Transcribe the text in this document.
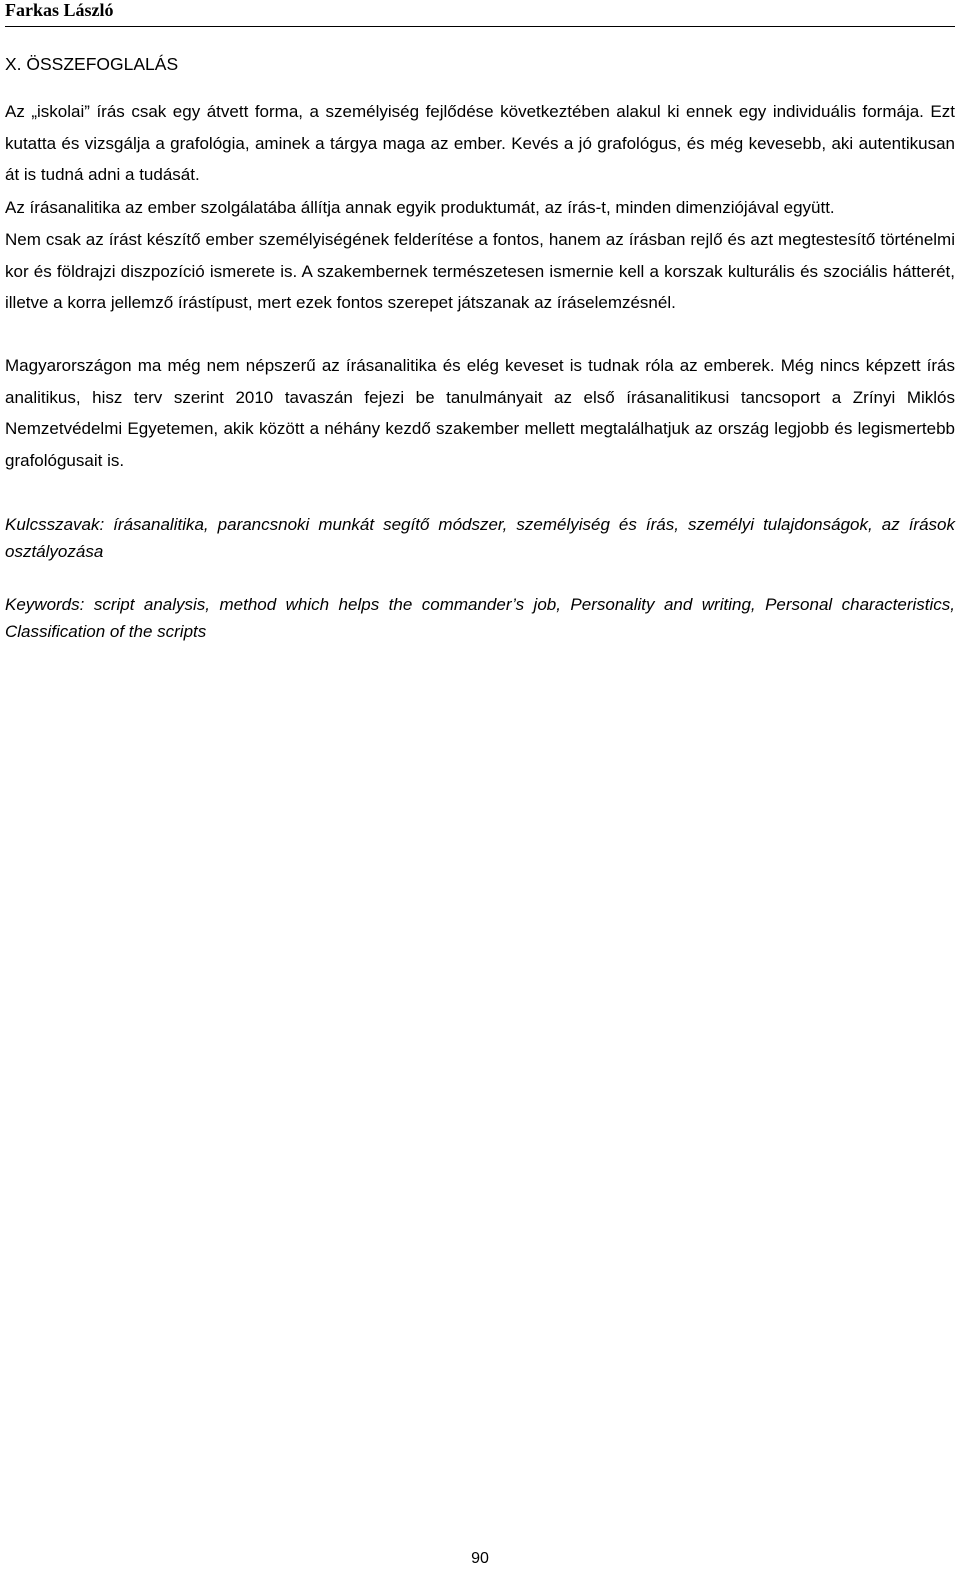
Farkas László
X. ÖSSZEFOGLALÁS

Az „iskolai” írás csak egy átvett forma, a személyiség fejlődése következtében alakul ki ennek egy individuális formája. Ezt kutatta és vizsgálja a grafológia, aminek a tárgya maga az ember. Kevés a jó grafológus, és még kevesebb, aki autentikusan át is tudná adni a tudását.

Az írásanalitika az ember szolgálatába állítja annak egyik produktumát, az írás-t, minden dimenziójával együtt.

Nem csak az írást készítő ember személyiségének felderítése a fontos, hanem az írásban rejlő és azt megtestesítő történelmi kor és földrajzi diszpozíció ismerete is. A szakembernek természetesen ismernie kell a korszak kulturális és szociális hátterét, illetve a korra jellemző írástípust, mert ezek fontos szerepet játszanak az íráselemzésnél.

Magyarországon ma még nem népszerű az írásanalitika és elég keveset is tudnak róla az emberek. Még nincs képzett írás analitikus, hisz terv szerint 2010 tavaszán fejezi be tanulmányait az első írásanalitikusi tancsoport a Zrínyi Miklós Nemzetvédelmi Egyetemen, akik között a néhány kezdő szakember mellett megtalálhatjuk az ország legjobb és legismertebb grafológusait is.

Kulcsszavak: írásanalitika, parancsnoki munkát segítő módszer, személyiség és írás, személyi tulajdonságok, az írások osztályozása

Keywords: script analysis, method which helps the commander’s job, Personality and writing, Personal characteristics, Classification of the scripts

90
